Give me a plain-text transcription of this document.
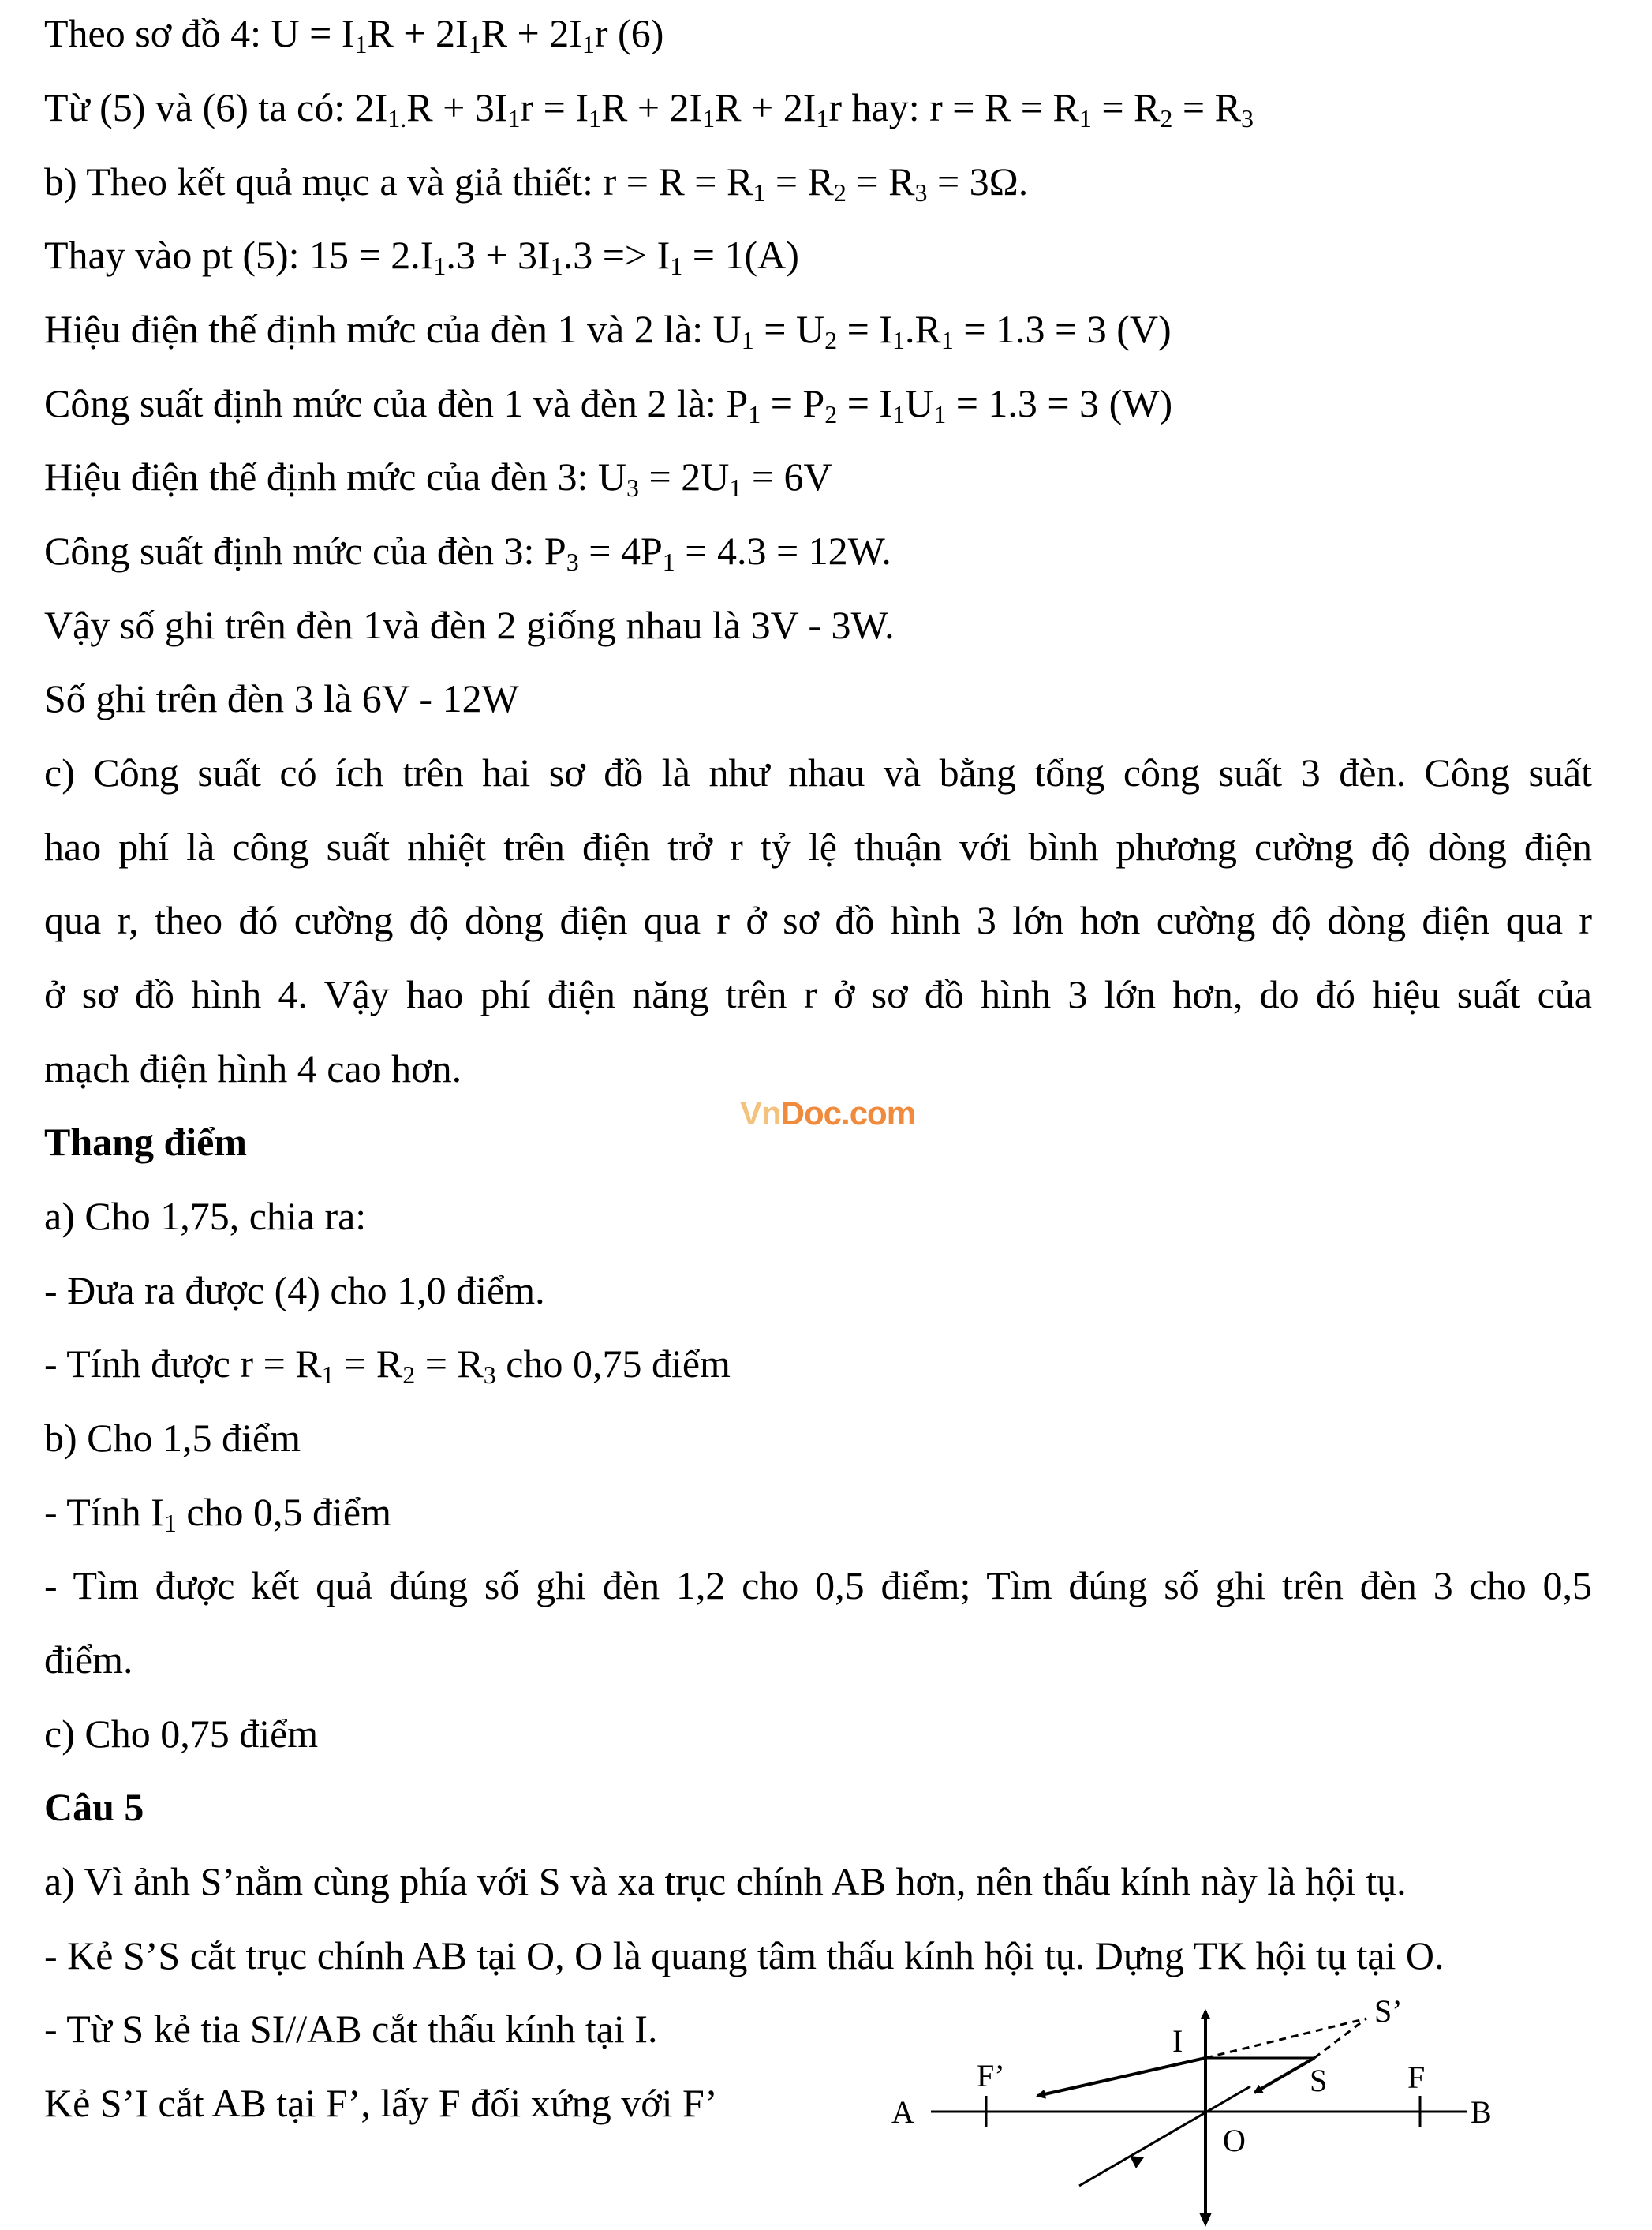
Theo sơ đồ 4: $U = I_1R + 2I_1R + 2I_1r$ (6)

Từ (5) và (6) ta có: $2I_{1.}R + 3I_1r = I_1R + 2I_1R + 2I_1r$ hay: $r = R = R_1 = R_2 = R_3$

b) Theo kết quả mục a và giả thiết: $r = R = R_1 = R_2 = R_3 = 3\Omega$.

Thay vào pt (5): $15 = 2.I_1.3 + 3I_1.3 => I_1 = 1(A)$

Hiệu điện thế định mức của đèn 1 và 2 là: $U_1 = U_2 = I_1.R_1 = 1.3 = 3$ (V)

Công suất định mức của đèn 1 và đèn 2 là: $P_1 = P_2 = I_1U_1 = 1.3 = 3$ (W)

Hiệu điện thế định mức của đèn 3: $U_3 = 2U_1 = 6V$

Công suất định mức của đèn 3: $P_3 = 4P_1 = 4.3 = 12W$.

Vậy số ghi trên đèn 1và đèn 2 giống nhau là 3V - 3W.

Số ghi trên đèn 3 là 6V - 12W

c) Công suất có ích trên hai sơ đồ là như nhau và bằng tổng công suất 3 đèn. Công suất

hao phí là công suất nhiệt trên điện trở r tỷ lệ thuận với bình phương cường độ dòng điện

qua r, theo đó cường độ dòng điện qua r ở sơ đồ hình 3 lớn hơn cường độ dòng điện qua r

ở sơ đồ hình 4. Vậy hao phí điện năng trên r ở sơ đồ hình 3 lớn hơn, do đó hiệu suất của

mạch điện hình 4 cao hơn.

VnDoc.com

Thang điểm

a) Cho 1,75, chia ra:

- Đưa ra được (4) cho 1,0 điểm.

- Tính được $r = R_1 = R_2 = R_3$ cho 0,75 điểm

b) Cho 1,5 điểm

- Tính $I_1$ cho 0,5 điểm

- Tìm được kết quả đúng số ghi đèn 1,2 cho 0,5 điểm; Tìm đúng số ghi trên đèn 3 cho 0,5

điểm.

c) Cho 0,75 điểm

Câu 5

a) Vì ảnh S’nằm cùng phía với S và xa trục chính AB hơn, nên thấu kính này là hội tụ.

- Kẻ S’S cắt trục chính AB tại O, O là quang tâm thấu kính hội tụ. Dựng TK hội tụ tại O.

- Từ S kẻ tia SI//AB cắt thấu kính tại I.

Kẻ S’I cắt AB tại F’, lấy F đối xứng với F’

I
S’
F’	S	F
A	B
O
